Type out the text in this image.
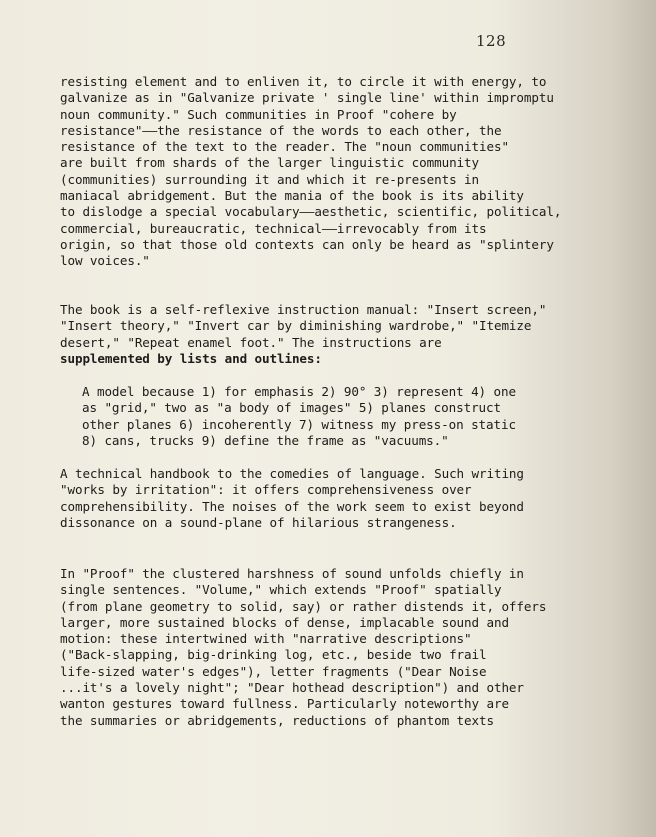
128

resisting element and to enliven it, to circle it with energy, to
galvanize as in "Galvanize private ' single line' within impromptu
noun community." Such communities in Proof "cohere by
resistance"——the resistance of the words to each other, the
resistance of the text to the reader. The "noun communities"
are built from shards of the larger linguistic community
(communities) surrounding it and which it re-presents in
maniacal abridgement. But the mania of the book is its ability
to dislodge a special vocabulary——aesthetic, scientific, political,
commercial, bureaucratic, technical——irrevocably from its
origin, so that those old contexts can only be heard as "splintery
low voices."

The book is a self-reflexive instruction manual: "Insert screen,"
"Insert theory," "Invert car by diminishing wardrobe," "Itemize
desert," "Repeat enamel foot." The instructions are
supplemented by lists and outlines:

A model because 1) for emphasis 2) 90° 3) represent 4) one
as "grid," two as "a body of images" 5) planes construct
other planes 6) incoherently 7) witness my press-on static
8) cans, trucks 9) define the frame as "vacuums."

A technical handbook to the comedies of language. Such writing
"works by irritation": it offers comprehensiveness over
comprehensibility. The noises of the work seem to exist beyond
dissonance on a sound-plane of hilarious strangeness.

In "Proof" the clustered harshness of sound unfolds chiefly in
single sentences. "Volume," which extends "Proof" spatially
(from plane geometry to solid, say) or rather distends it, offers
larger, more sustained blocks of dense, implacable sound and
motion: these intertwined with "narrative descriptions"
("Back-slapping, big-drinking log, etc., beside two frail
life-sized water's edges"), letter fragments ("Dear Noise
...it's a lovely night"; "Dear hothead description") and other
wanton gestures toward fullness. Particularly noteworthy are
the summaries or abridgements, reductions of phantom texts
